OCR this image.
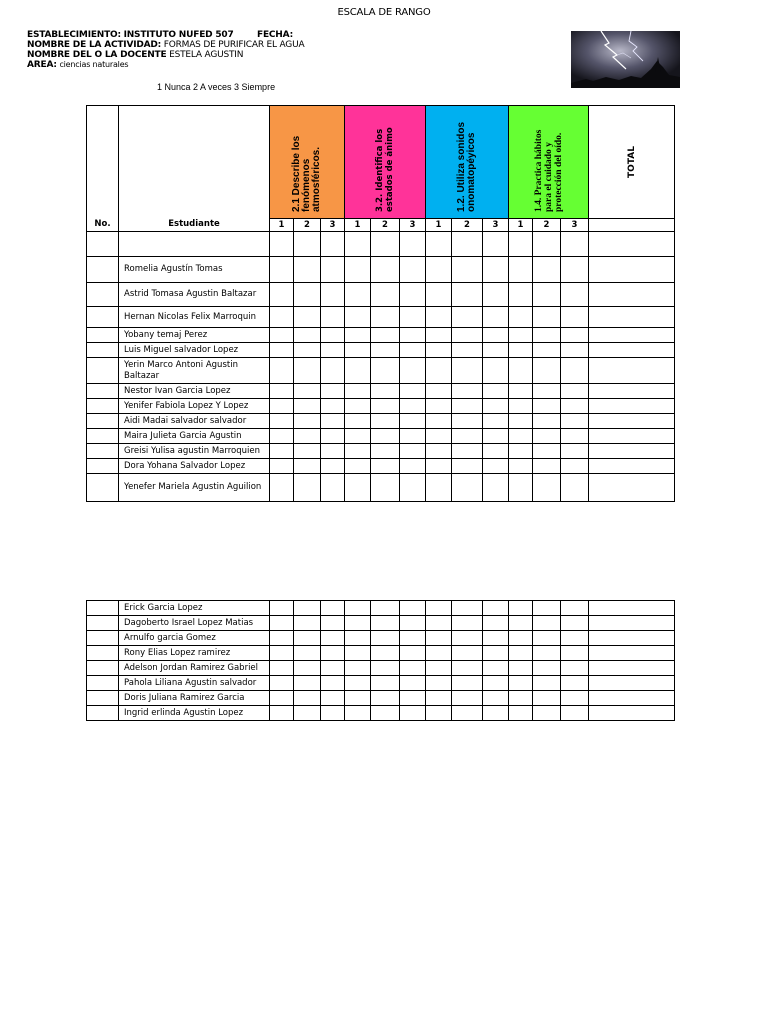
ESCALA DE RANGO
ESTABLECIMIENTO: INSTITUTO NUFED 507	FECHA:
NOMBRE DE LA ACTIVIDAD: FORMAS DE PURIFICAR EL AGUA
NOMBRE DEL O LA DOCENTE ESTELA AGUSTIN
AREA: ciencias naturales
1 Nunca 2 A veces 3 Siempre
No.	Estudiante	2.1 Describe los fenómenos atmosféricos.			3.2. Identifica los estados de ánimo			1.2. Utiliza sonidos onomatopéyicos			1.4. Practica hábitos para el cuidado y protección del oído.			TOTAL

		1	2	3	1	2	3	1	2	3	1	2	3	

	Romelia Agustín Tomas													
	Astrid Tomasa Agustin Baltazar													
	Hernan Nicolas Felix Marroquin													
	Yobany temaj Perez													
	Luis Miguel salvador Lopez													
	Yerin Marco Antoni Agustin Baltazar													
	Nestor Ivan Garcia Lopez													
	Yenifer Fabiola Lopez Y Lopez													
	Aidi Madai salvador salvador													
	Maira Julieta Garcia Agustin													
	Greisi Yulisa agustin Marroquien													
	Dora Yohana Salvador Lopez													
	Yenefer Mariela Agustin Aguilion													
	Erick Garcia Lopez													
	Dagoberto Israel Lopez Matias													
	Arnulfo garcia Gomez													
	Rony Elias Lopez ramirez													
	Adelson Jordan Ramirez Gabriel													
	Pahola Liliana Agustin salvador													
	Doris Juliana Ramirez Garcia													
	Ingrid erlinda Agustin Lopez													
